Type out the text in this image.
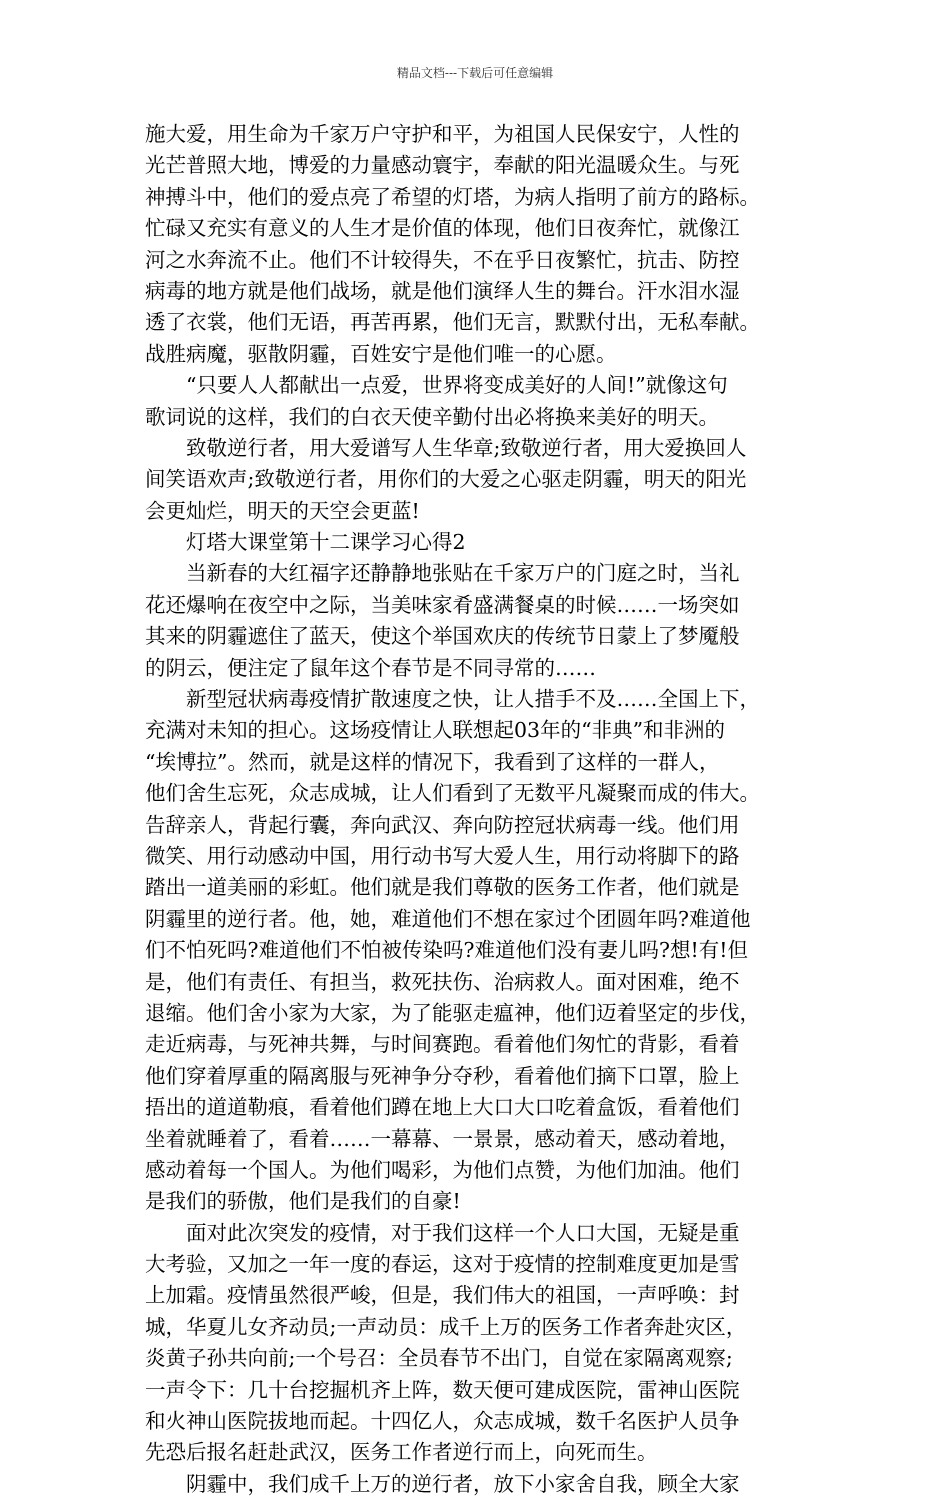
精品文档---下载后可任意编辑
施大爱，用生命为千家万户守护和平，为祖国人民保安宁，人性的
光芒普照大地，博爱的力量感动寰宇，奉献的阳光温暖众生。与死
神搏斗中，他们的爱点亮了希望的灯塔，为病人指明了前方的路标。
忙碌又充实有意义的人生才是价值的体现，他们日夜奔忙，就像江
河之水奔流不止。他们不计较得失，不在乎日夜繁忙，抗击、防控
病毒的地方就是他们战场，就是他们演绎人生的舞台。汗水泪水湿
透了衣裳，他们无语，再苦再累，他们无言，默默付出，无私奉献。
战胜病魔，驱散阴霾，百姓安宁是他们唯一的心愿。
“只要人人都献出一点爱，世界将变成美好的人间!”就像这句
歌词说的这样，我们的白衣天使辛勤付出必将换来美好的明天。
致敬逆行者，用大爱谱写人生华章;致敬逆行者，用大爱换回人
间笑语欢声;致敬逆行者，用你们的大爱之心驱走阴霾，明天的阳光
会更灿烂，明天的天空会更蓝!
灯塔大课堂第十二课学习心得2
当新春的大红福字还静静地张贴在千家万户的门庭之时，当礼
花还爆响在夜空中之际，当美味家肴盛满餐桌的时候……一场突如
其来的阴霾遮住了蓝天，使这个举国欢庆的传统节日蒙上了梦魇般
的阴云，便注定了鼠年这个春节是不同寻常的……
新型冠状病毒疫情扩散速度之快，让人措手不及……全国上下，
充满对未知的担心。这场疫情让人联想起03年的“非典”和非洲的
“埃博拉”。然而，就是这样的情况下，我看到了这样的一群人，
他们舍生忘死，众志成城，让人们看到了无数平凡凝聚而成的伟大。
告辞亲人，背起行囊，奔向武汉、奔向防控冠状病毒一线。他们用
微笑、用行动感动中国，用行动书写大爱人生，用行动将脚下的路
踏出一道美丽的彩虹。他们就是我们尊敬的医务工作者，他们就是
阴霾里的逆行者。他，她，难道他们不想在家过个团圆年吗?难道他
们不怕死吗?难道他们不怕被传染吗?难道他们没有妻儿吗?想!有!但
是，他们有责任、有担当，救死扶伤、治病救人。面对困难，绝不
退缩。他们舍小家为大家，为了能驱走瘟神，他们迈着坚定的步伐，
走近病毒，与死神共舞，与时间赛跑。看着他们匆忙的背影，看着
他们穿着厚重的隔离服与死神争分夺秒，看着他们摘下口罩，脸上
捂出的道道勒痕，看着他们蹲在地上大口大口吃着盒饭，看着他们
坐着就睡着了，看着……一幕幕、一景景，感动着天，感动着地，
感动着每一个国人。为他们喝彩，为他们点赞，为他们加油。他们
是我们的骄傲，他们是我们的自豪!
面对此次突发的疫情，对于我们这样一个人口大国，无疑是重
大考验，又加之一年一度的春运，这对于疫情的控制难度更加是雪
上加霜。疫情虽然很严峻，但是，我们伟大的祖国，一声呼唤：封
城，华夏儿女齐动员;一声动员：成千上万的医务工作者奔赴灾区，
炎黄子孙共向前;一个号召：全员春节不出门，自觉在家隔离观察;
一声令下：几十台挖掘机齐上阵，数天便可建成医院，雷神山医院
和火神山医院拔地而起。十四亿人，众志成城，数千名医护人员争
先恐后报名赶赴武汉，医务工作者逆行而上，向死而生。
阴霾中，我们成千上万的逆行者，放下小家舍自我，顾全大家
